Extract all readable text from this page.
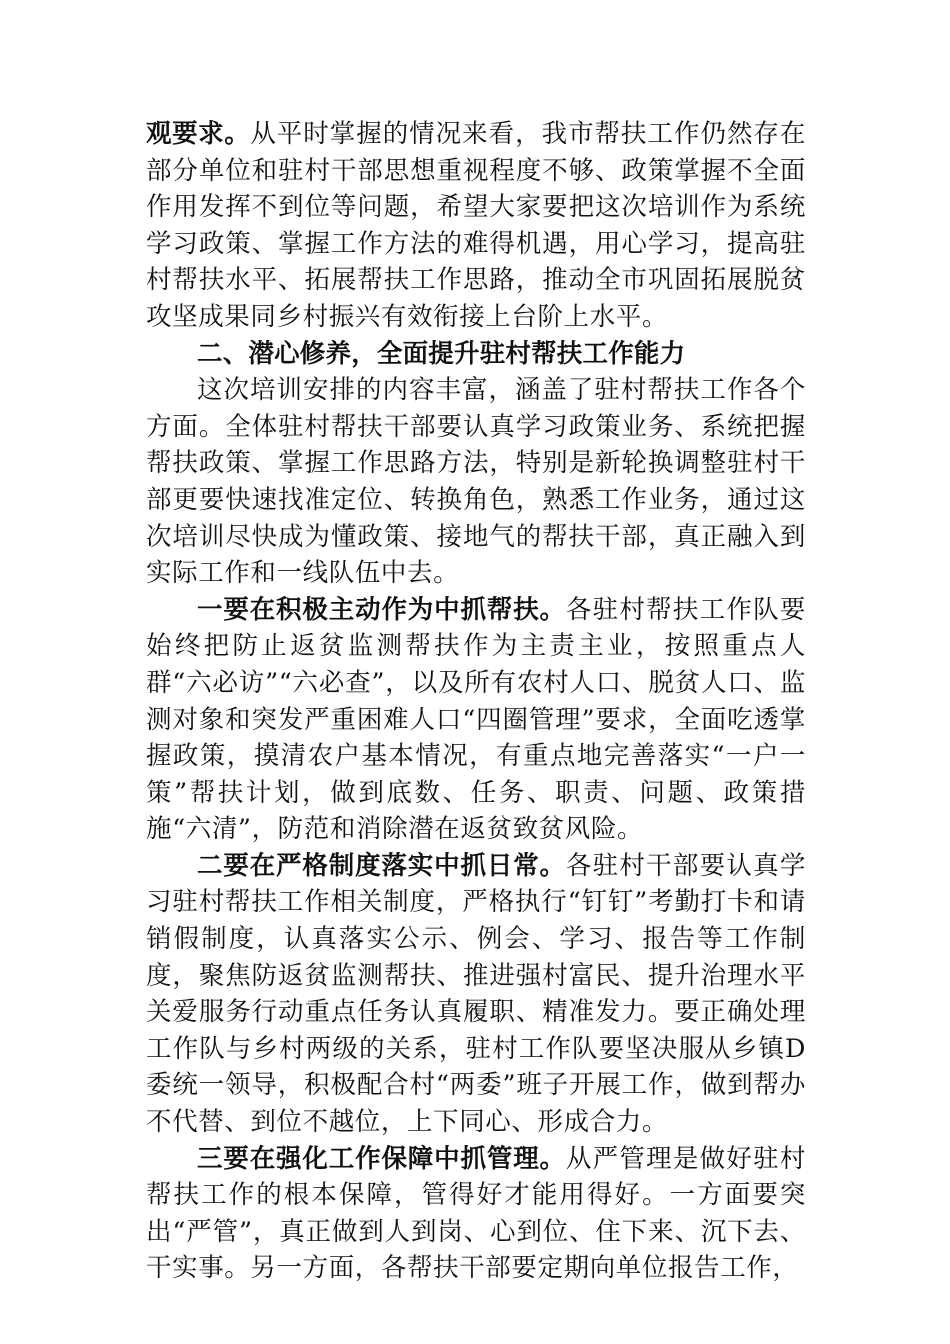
观要求。从平时掌握的情况来看，我市帮扶工作仍然存在部分单位和驻村干部思想重视程度不够、政策掌握不全面作用发挥不到位等问题，希望大家要把这次培训作为系统学习政策、掌握工作方法的难得机遇，用心学习，提高驻村帮扶水平、拓展帮扶工作思路，推动全市巩固拓展脱贫攻坚成果同乡村振兴有效衔接上台阶上水平。

二、潜心修养，全面提升驻村帮扶工作能力

这次培训安排的内容丰富，涵盖了驻村帮扶工作各个方面。全体驻村帮扶干部要认真学习政策业务、系统把握帮扶政策、掌握工作思路方法，特别是新轮换调整驻村干部更要快速找准定位、转换角色，熟悉工作业务，通过这次培训尽快成为懂政策、接地气的帮扶干部，真正融入到实际工作和一线队伍中去。

一要在积极主动作为中抓帮扶。各驻村帮扶工作队要始终把防止返贫监测帮扶作为主责主业，按照重点人群“六必访”“六必查”，以及所有农村人口、脱贫人口、监测对象和突发严重困难人口“四圈管理”要求，全面吃透掌握政策，摸清农户基本情况，有重点地完善落实“一户一策”帮扶计划，做到底数、任务、职责、问题、政策措施“六清”，防范和消除潜在返贫致贫风险。

二要在严格制度落实中抓日常。各驻村干部要认真学习驻村帮扶工作相关制度，严格执行“钉钉”考勤打卡和请销假制度，认真落实公示、例会、学习、报告等工作制度，聚焦防返贫监测帮扶、推进强村富民、提升治理水平关爱服务行动重点任务认真履职、精准发力。要正确处理工作队与乡村两级的关系，驻村工作队要坚决服从乡镇D委统一领导，积极配合村“两委”班子开展工作，做到帮办不代替、到位不越位，上下同心、形成合力。

三要在强化工作保障中抓管理。从严管理是做好驻村帮扶工作的根本保障，管得好才能用得好。一方面要突出“严管”，真正做到人到岗、心到位、住下来、沉下去、干实事。另一方面，各帮扶干部要定期向单位报告工作，
